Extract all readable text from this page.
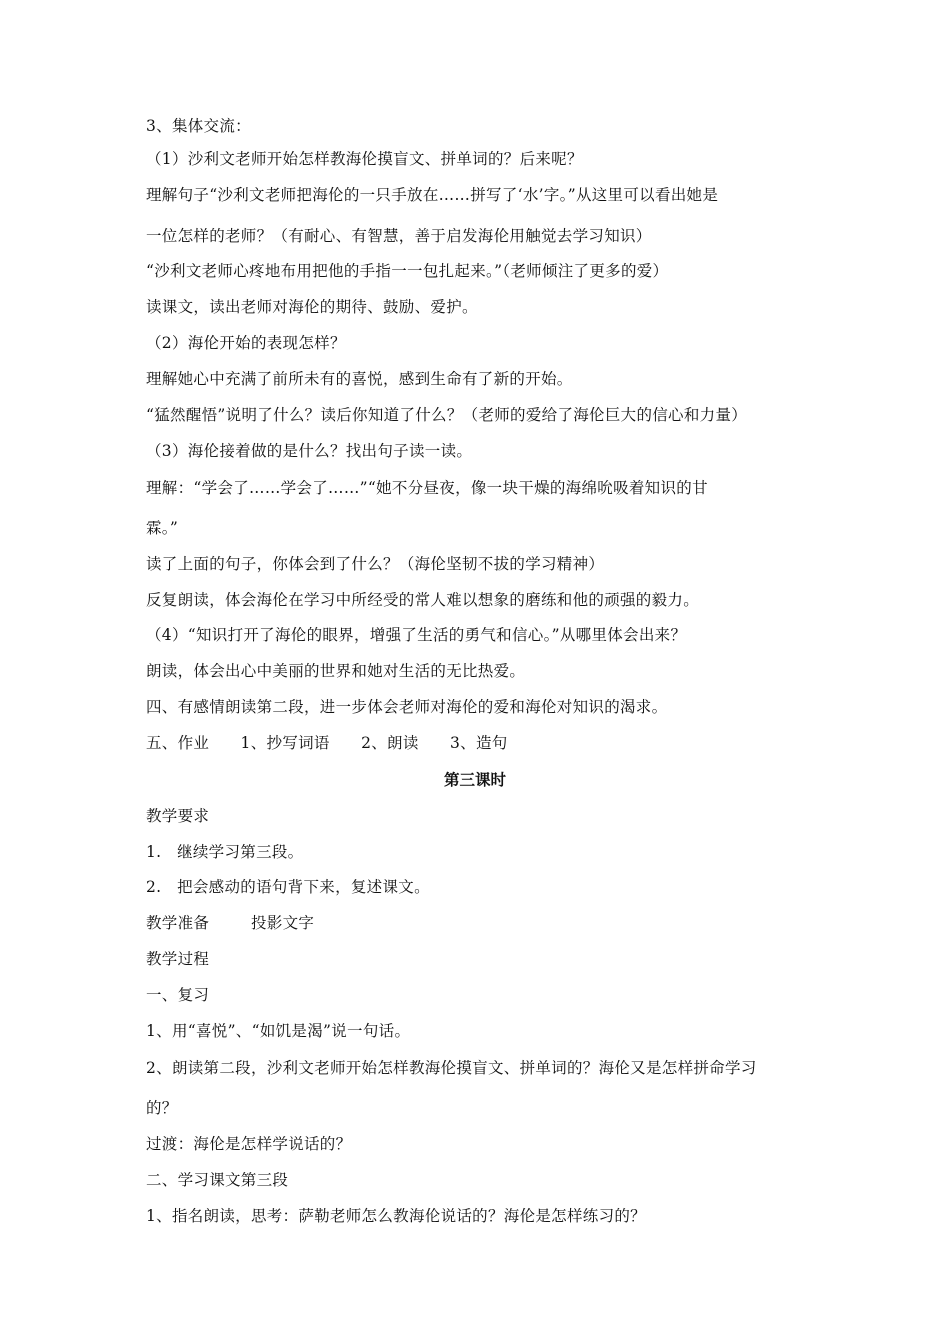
3、集体交流：
（1）沙利文老师开始怎样教海伦摸盲文、拼单词的？后来呢？
理解句子“沙利文老师把海伦的一只手放在……拼写了‘水’字。”从这里可以看出她是
一位怎样的老师？（有耐心、有智慧，善于启发海伦用触觉去学习知识）
“沙利文老师心疼地布用把他的手指一一包扎起来。”（老师倾注了更多的爱）
读课文，读出老师对海伦的期待、鼓励、爱护。
（2）海伦开始的表现怎样？
理解她心中充满了前所未有的喜悦，感到生命有了新的开始。
“猛然醒悟”说明了什么？读后你知道了什么？（老师的爱给了海伦巨大的信心和力量）
（3）海伦接着做的是什么？找出句子读一读。
理解：“学会了……学会了……”“她不分昼夜，像一块干燥的海绵吮吸着知识的甘
霖。”
读了上面的句子，你体会到了什么？（海伦坚韧不拔的学习精神）
反复朗读，体会海伦在学习中所经受的常人难以想象的磨练和他的顽强的毅力。
（4）“知识打开了海伦的眼界，增强了生活的勇气和信心。”从哪里体会出来？
朗读，体会出心中美丽的世界和她对生活的无比热爱。
四、有感情朗读第二段，进一步体会老师对海伦的爱和海伦对知识的渴求。
五、作业      1、抄写词语      2、朗读      3、造句
第三课时
教学要求
1.   继续学习第三段。
2.   把会感动的语句背下来，复述课文。
教学准备        投影文字
教学过程
一、复习
1、用“喜悦”、“如饥是渴”说一句话。
2、朗读第二段，沙利文老师开始怎样教海伦摸盲文、拼单词的？海伦又是怎样拼命学习
的？
过渡：海伦是怎样学说话的？
二、学习课文第三段
1、指名朗读，思考：萨勒老师怎么教海伦说话的？海伦是怎样练习的？
